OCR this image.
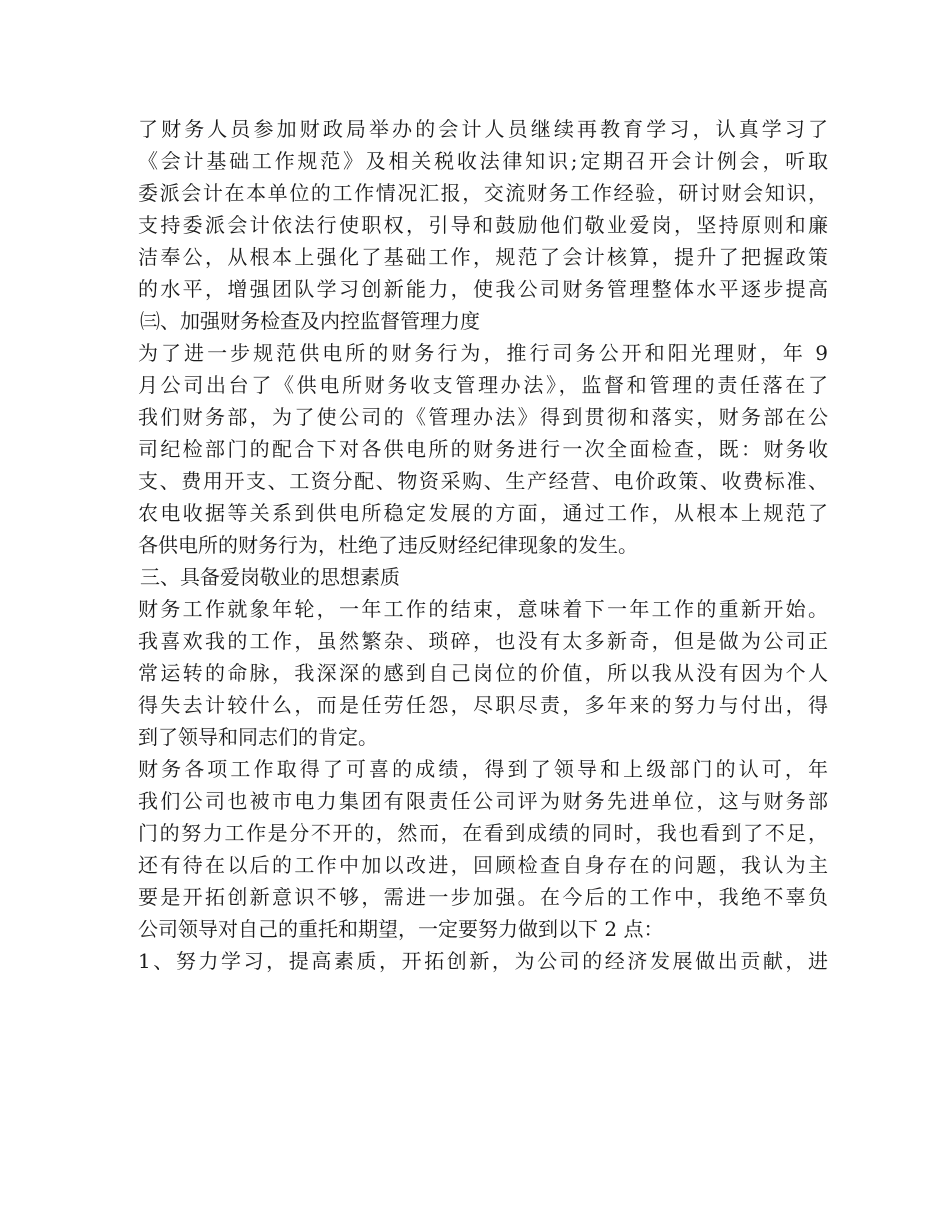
了财务人员参加财政局举办的会计人员继续再教育学习，认真学习了
《会计基础工作规范》及相关税收法律知识;定期召开会计例会，听取
委派会计在本单位的工作情况汇报，交流财务工作经验，研讨财会知识，
支持委派会计依法行使职权，引导和鼓励他们敬业爱岗，坚持原则和廉
洁奉公，从根本上强化了基础工作，规范了会计核算，提升了把握政策
的水平，增强团队学习创新能力，使我公司财务管理整体水平逐步提高
㈢、加强财务检查及内控监督管理力度
为了进一步规范供电所的财务行为，推行司务公开和阳光理财，年 9
月公司出台了《供电所财务收支管理办法》，监督和管理的责任落在了
我们财务部，为了使公司的《管理办法》得到贯彻和落实，财务部在公
司纪检部门的配合下对各供电所的财务进行一次全面检查，既：财务收
支、费用开支、工资分配、物资采购、生产经营、电价政策、收费标准、
农电收据等关系到供电所稳定发展的方面，通过工作，从根本上规范了
各供电所的财务行为，杜绝了违反财经纪律现象的发生。
三、具备爱岗敬业的思想素质
财务工作就象年轮，一年工作的结束，意味着下一年工作的重新开始。
我喜欢我的工作，虽然繁杂、琐碎，也没有太多新奇，但是做为公司正
常运转的命脉，我深深的感到自己岗位的价值，所以我从没有因为个人
得失去计较什么，而是任劳任怨，尽职尽责，多年来的努力与付出，得
到了领导和同志们的肯定。
财务各项工作取得了可喜的成绩，得到了领导和上级部门的认可，年
我们公司也被市电力集团有限责任公司评为财务先进单位，这与财务部
门的努力工作是分不开的，然而，在看到成绩的同时，我也看到了不足，
还有待在以后的工作中加以改进，回顾检查自身存在的问题，我认为主
要是开拓创新意识不够，需进一步加强。在今后的工作中，我绝不辜负
公司领导对自己的重托和期望，一定要努力做到以下 2 点：
1、努力学习，提高素质，开拓创新，为公司的经济发展做出贡献，进
